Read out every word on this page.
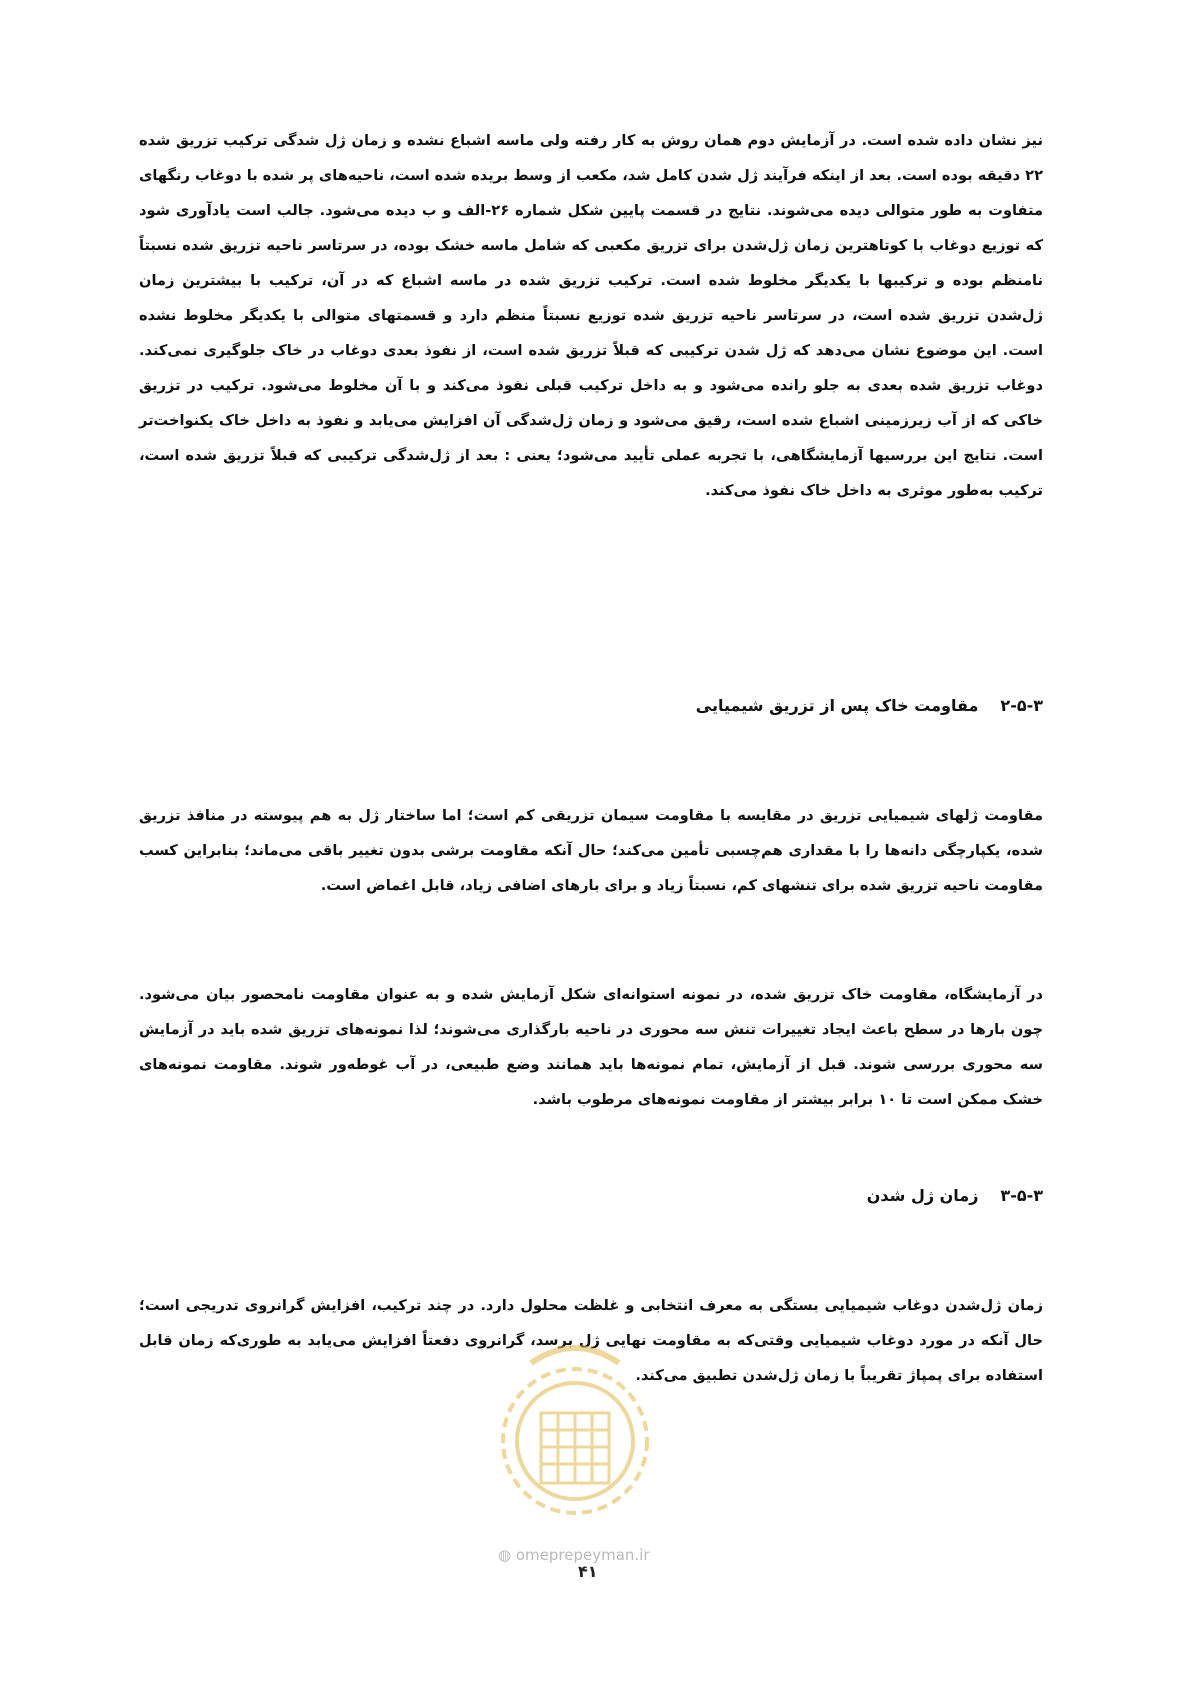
نیز نشان داده شده است. در آزمایش دوم همان روش به کار رفته ولی ماسه اشباع نشده و زمان ژل شدگی ترکیب تزریق شده ۲۲ دقیقه بوده است. بعد از اینکه فرآیند ژل شدن کامل شد، مکعب از وسط بریده شده است، ناحیه‌های پر شده با دوغاب رنگهای متفاوت به طور متوالی دیده می‌شوند. نتایج در قسمت پایین شکل شماره ۲۶-الف و ب دیده می‌شود. جالب است یادآوری شود که توزیع دوغاب با کوتاهترین زمان ژل‌شدن برای تزریق مکعبی که شامل ماسه خشک بوده، در سرتاسر ناحیه تزریق شده نسبتاً نامنظم بوده و ترکیبها با یکدیگر مخلوط شده است. ترکیب تزریق شده در ماسه اشباع که در آن، ترکیب با بیشترین زمان ژل‌شدن تزریق شده است، در سرتاسر ناحیه تزریق شده توزیع نسبتاً منظم دارد و قسمتهای متوالی با یکدیگر مخلوط نشده است. این موضوع نشان می‌دهد که ژل شدن ترکیبی که قبلاً تزریق شده است، از نفوذ بعدی دوغاب در خاک جلوگیری نمی‌کند. دوغاب تزریق شده بعدی به جلو رانده می‌شود و به داخل ترکیب قبلی نفوذ می‌کند و با آن مخلوط می‌شود. ترکیب در تزریق خاکی که از آب زیرزمینی اشباع شده است، رقیق می‌شود و زمان ژل‌شدگی آن افزایش می‌یابد و نفوذ به داخل خاک یکنواخت‌تر است. نتایج این بررسیها آزمایشگاهی، با تجربه عملی تأیید می‌شود؛ یعنی : بعد از ژل‌شدگی ترکیبی که قبلاً تزریق شده است، ترکیب به‌طور موثری به داخل خاک نفوذ می‌کند.

۲-۵-۳مقاومت خاک پس از تزریق شیمیایی

مقاومت ژلهای شیمیایی تزریق در مقایسه با مقاومت سیمان تزریقی کم است؛ اما ساختار ژل به هم پیوسته در منافذ تزریق شده، یکپارچگی دانه‌ها را با مقداری هم‌چسبی تأمین می‌کند؛ حال آنکه مقاومت برشی بدون تغییر باقی می‌ماند؛ بنابراین کسب مقاومت ناحیه تزریق شده برای تنشهای کم، نسبتاً زیاد و برای بارهای اضافی زیاد، قابل اغماض است.

در آزمایشگاه، مقاومت خاک تزریق شده، در نمونه استوانه‌ای شکل آزمایش شده و به عنوان مقاومت نامحصور بیان می‌شود. چون بارها در سطح باعث ایجاد تغییرات تنش سه محوری در ناحیه بارگذاری می‌شوند؛ لذا نمونه‌های تزریق شده باید در آزمایش سه محوری بررسی شوند. قبل از آزمایش، تمام نمونه‌ها باید همانند وضع طبیعی، در آب غوطه‌ور شوند. مقاومت نمونه‌های خشک ممکن است تا ۱۰ برابر بیشتر از مقاومت نمونه‌های مرطوب باشد.

۳-۵-۳زمان ژل شدن

زمان ژل‌شدن دوغاب شیمیایی بستگی به معرف انتخابی و غلظت محلول دارد. در چند ترکیب، افزایش گرانروی تدریجی است؛ حال آنکه در مورد دوغاب شیمیایی وقتی‌که به مقاومت نهایی ژل برسد، گرانروی دفعتاً افزایش می‌یابد به طوری‌که زمان قابل استفاده برای پمپاژ تقریباً با زمان ژل‌شدن تطبیق می‌کند.

◍ omeprepeyman.ir
۴۱
